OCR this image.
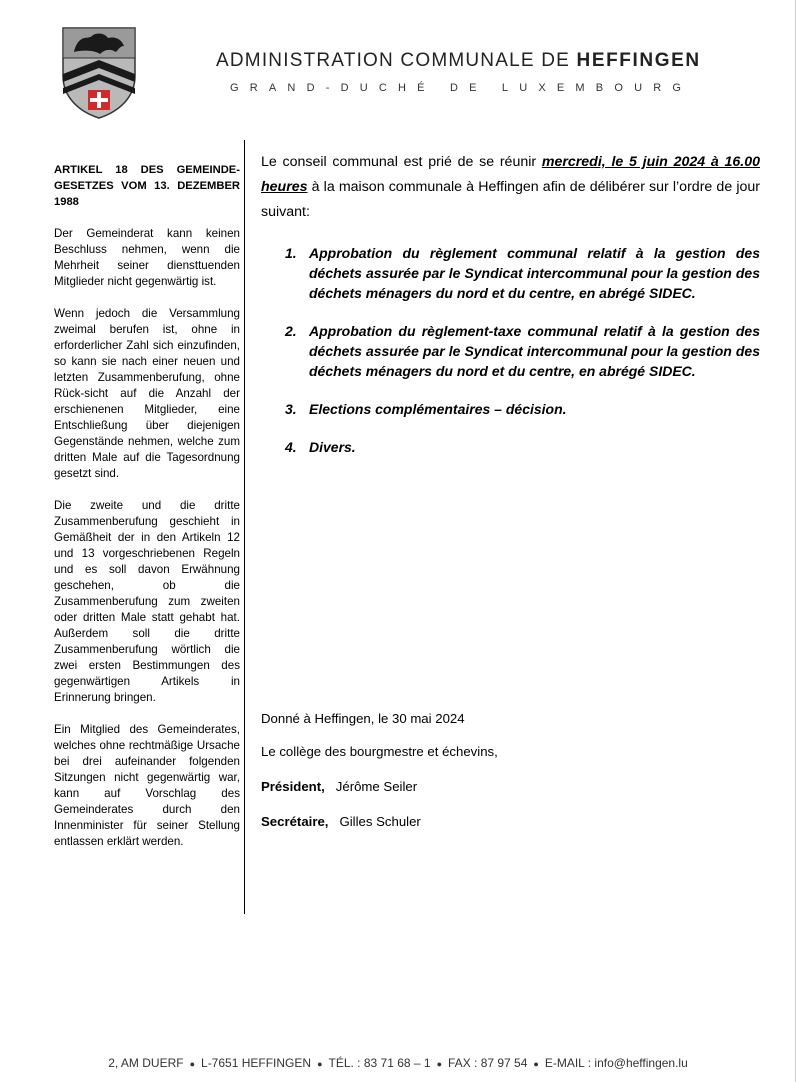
ADMINISTRATION COMMUNALE DE HEFFINGEN
GRAND-DUCHÉ DE LUXEMBOURG
ARTIKEL 18 DES GEMEINDE-GESETZES VOM 13. DEZEMBER 1988

Der Gemeinderat kann keinen Beschluss nehmen, wenn die Mehrheit seiner diensttuenden Mitglieder nicht gegenwärtig ist.

Wenn jedoch die Versammlung zweimal berufen ist, ohne in erforderlicher Zahl sich einzufinden, so kann sie nach einer neuen und letzten Zusammenberufung, ohne Rück-sicht auf die Anzahl der erschienenen Mitglieder, eine Entschließung über diejenigen Gegenstände nehmen, welche zum dritten Male auf die Tagesordnung gesetzt sind.

Die zweite und die dritte Zusammenberufung geschieht in Gemäßheit der in den Artikeln 12 und 13 vorgeschriebenen Regeln und es soll davon Erwähnung geschehen, ob die Zusammenberufung zum zweiten oder dritten Male statt gehabt hat. Außerdem soll die dritte Zusammenberufung wörtlich die zwei ersten Bestimmungen des gegenwärtigen Artikels in Erinnerung bringen.

Ein Mitglied des Gemeinderates, welches ohne rechtmäßige Ursache bei drei aufeinander folgenden Sitzungen nicht gegenwärtig war, kann auf Vorschlag des Gemeinderates durch den Innenminister für seiner Stellung entlassen erklärt werden.

Le conseil communal est prié de se réunir mercredi, le 5 juin 2024 à 16.00 heures à la maison communale à Heffingen afin de délibérer sur l’ordre de jour suivant:

1. Approbation du règlement communal relatif à la gestion des déchets assurée par le Syndicat intercommunal pour la gestion des déchets ménagers du nord et du centre, en abrégé SIDEC.
2. Approbation du règlement-taxe communal relatif à la gestion des déchets assurée par le Syndicat intercommunal pour la gestion des déchets ménagers du nord et du centre, en abrégé SIDEC.
3. Elections complémentaires – décision.
4. Divers.
Donné à Heffingen, le 30 mai 2024
Le collège des bourgmestre et échevins,
Président, Jérôme Seiler
Secrétaire, Gilles Schuler
2, AM DUERF ● L-7651 HEFFINGEN ● TÉL. : 83 71 68 – 1 ● FAX : 87 97 54 ● E-MAIL : info@heffingen.lu
